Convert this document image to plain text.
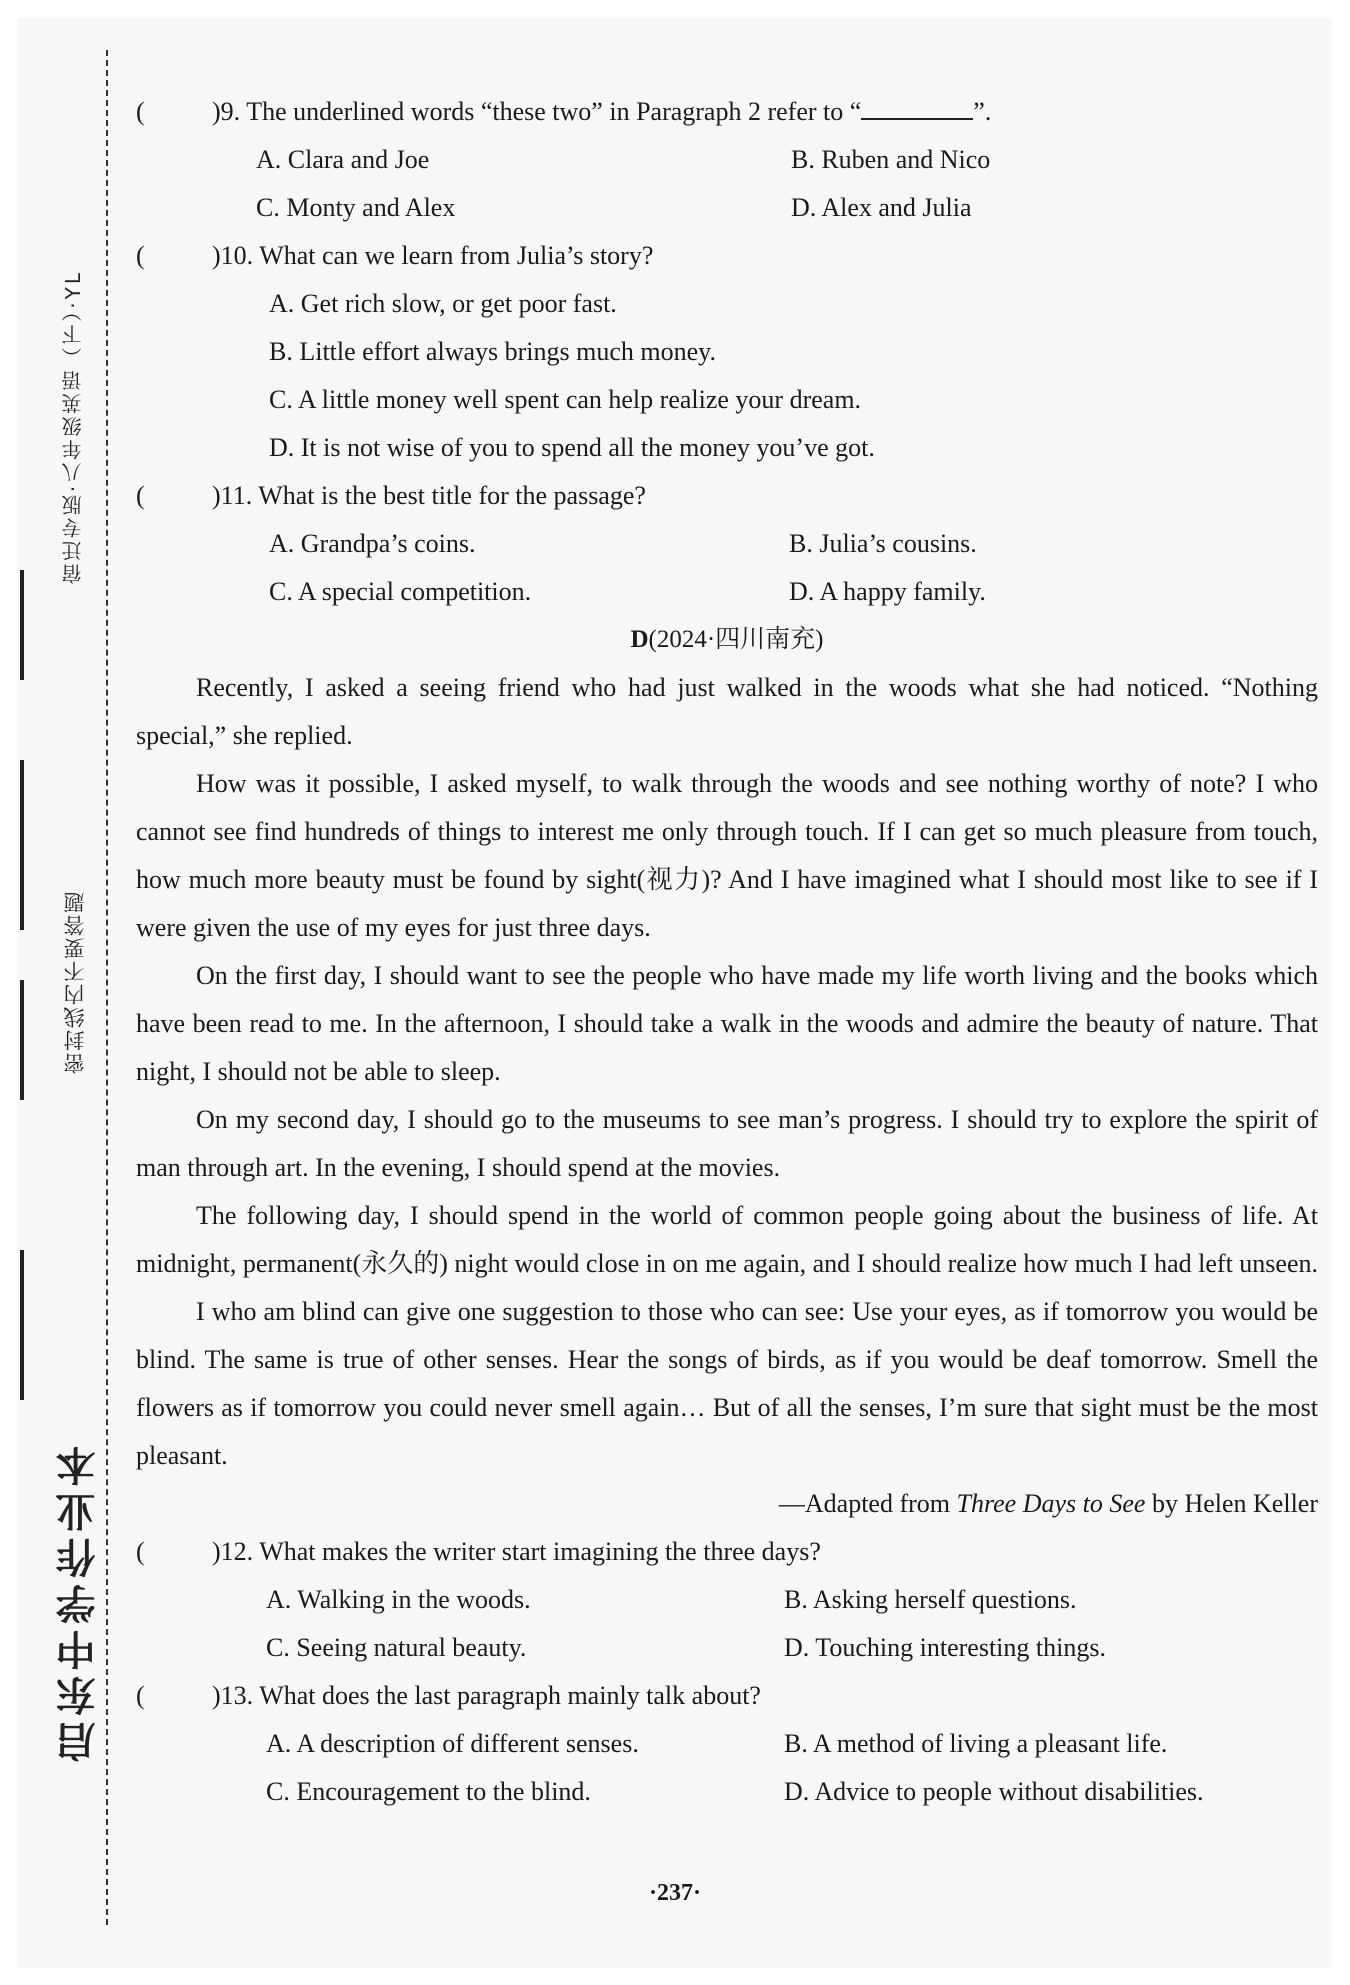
宿迁专版·八年级英语（下）·YL
密封线内不要答题
启东中学作业本
(	)9. The underlined words “these two” in Paragraph 2 refer to “	”.
A. Clara and Joe	B. Ruben and Nico
C. Monty and Alex	D. Alex and Julia
(	)10. What can we learn from Julia’s story?
A. Get rich slow, or get poor fast.
B. Little effort always brings much money.
C. A little money well spent can help realize your dream.
D. It is not wise of you to spend all the money you’ve got.
(	)11. What is the best title for the passage?
A. Grandpa’s coins.	B. Julia’s cousins.
C. A special competition.	D. A happy family.
D(2024·四川南充)

Recently, I asked a seeing friend who had just walked in the woods what she had noticed. “Nothing special,” she replied.

How was it possible, I asked myself, to walk through the woods and see nothing worthy of note? I who cannot see find hundreds of things to interest me only through touch. If I can get so much pleasure from touch, how much more beauty must be found by sight(视力)? And I have imagined what I should most like to see if I were given the use of my eyes for just three days.

On the first day, I should want to see the people who have made my life worth living and the books which have been read to me. In the afternoon, I should take a walk in the woods and admire the beauty of nature. That night, I should not be able to sleep.

On my second day, I should go to the museums to see man’s progress. I should try to explore the spirit of man through art. In the evening, I should spend at the movies.

The following day, I should spend in the world of common people going about the business of life. At midnight, permanent(永久的) night would close in on me again, and I should realize how much I had left unseen.

I who am blind can give one suggestion to those who can see: Use your eyes, as if tomorrow you would be blind. The same is true of other senses. Hear the songs of birds, as if you would be deaf tomorrow. Smell the flowers as if tomorrow you could never smell again… But of all the senses, I’m sure that sight must be the most pleasant.

—Adapted from Three Days to See by Helen Keller
(	)12. What makes the writer start imagining the three days?
A. Walking in the woods.	B. Asking herself questions.
C. Seeing natural beauty.	D. Touching interesting things.
(	)13. What does the last paragraph mainly talk about?
A. A description of different senses.	B. A method of living a pleasant life.
C. Encouragement to the blind.	D. Advice to people without disabilities.
·237·
